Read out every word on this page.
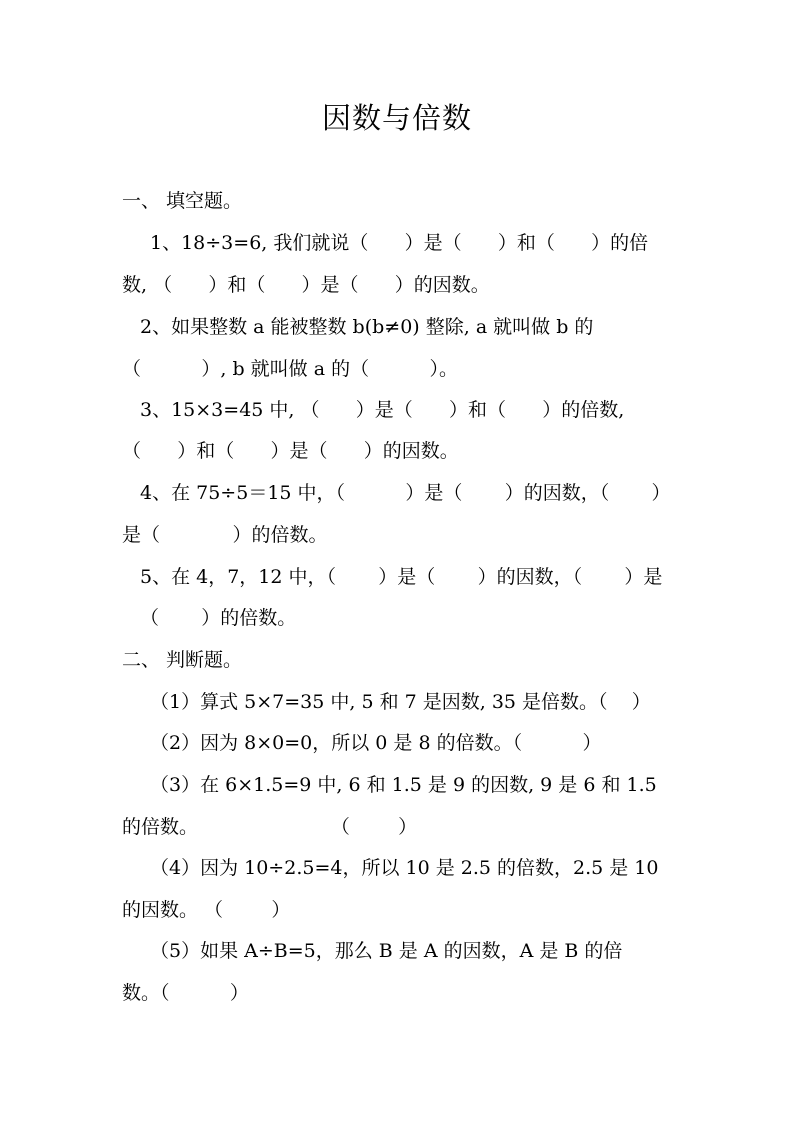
因数与倍数
一、 填空题。
1、18÷3=6, 我们就说（      ）是（      ）和（      ）的倍
数, （      ）和（      ）是（      ）的因数。
2、如果整数 a 能被整数 b(b≠0) 整除, a 就叫做 b 的
（          ）, b 就叫做 a 的（          ）。
3、15×3=45 中, （      ）是（      ）和（      ）的倍数,
（      ）和（      ）是（      ）的因数。
4、在 75÷5＝15 中，（          ）是（       ）的因数，（       ）
是（            ）的倍数。
5、在 4，7，12 中，（       ）是（       ）的因数，（       ）是
（       ）的倍数。
二、 判断题。
（1）算式 5×7=35 中, 5 和 7 是因数, 35 是倍数。（    ）
（2）因为 8×0=0，所以 0 是 8 的倍数。（          ）
（3）在 6×1.5=9 中, 6 和 1.5 是 9 的因数, 9 是 6 和 1.5
的倍数。                      （        ）
（4）因为 10÷2.5=4，所以 10 是 2.5 的倍数，2.5 是 10
的因数。 （        ）
（5）如果 A÷B=5，那么 B 是 A 的因数，A 是 B 的倍
数。（          ）
